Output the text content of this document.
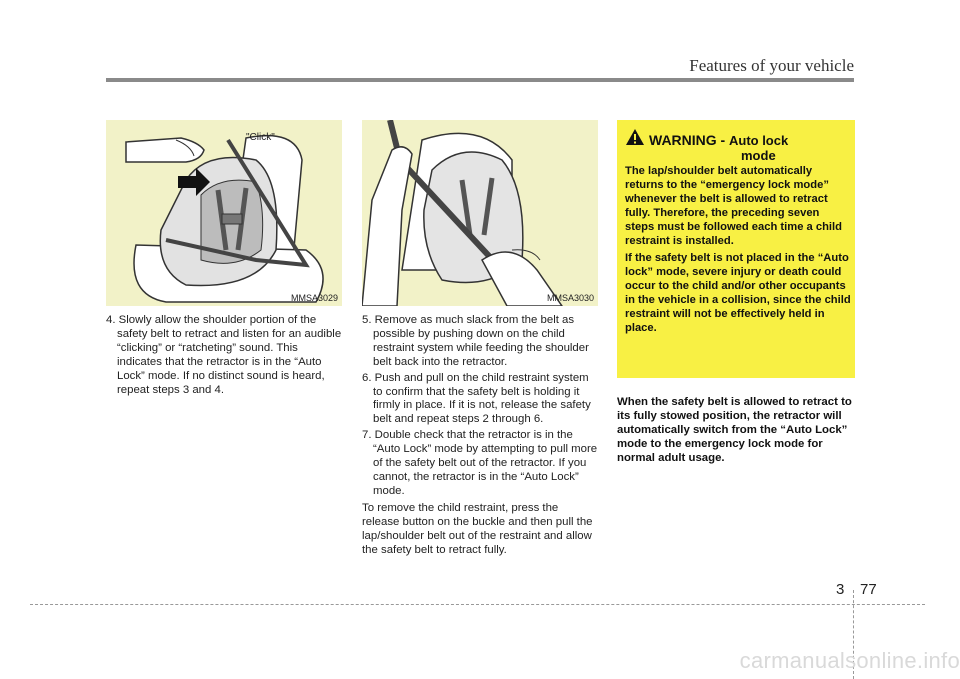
Features of your vehicle
"Click"
MMSA3029	MMSA3030

4. Slowly allow the shoulder portion of the safety belt to retract and listen for an audible “clicking” or “ratcheting” sound. This indicates that the retractor is in the “Auto Lock” mode. If no distinct sound is heard, repeat steps 3 and 4.

5. Remove as much slack from the belt as possible by pushing down on the child restraint system while feeding the shoulder belt back into the retractor.

6. Push and pull on the child restraint system to confirm that the safety belt is holding it firmly in place. If it is not, release the safety belt and repeat steps 2 through 6.

7. Double check that the retractor is in the “Auto Lock” mode by attempting to pull more of the safety belt out of the retractor. If you cannot, the retractor is in the “Auto Lock” mode.

To remove the child restraint, press the release button on the buckle and then pull the lap/shoulder belt out of the restraint and allow the safety belt to retract fully.

WARNING - Auto lock
mode

The lap/shoulder belt automatically returns to the “emergency lock mode” whenever the belt is allowed to retract fully. Therefore, the preceding seven steps must be followed each time a child restraint is installed.

If the safety belt is not placed in the “Auto lock” mode, severe injury or death could occur to the child and/or other occupants in the vehicle in a collision, since the child restraint will not be effectively held in place.

When the safety belt is allowed to retract to its fully stowed position, the retractor will automatically switch from the “Auto Lock” mode to the emergency lock mode for normal adult usage.
3 77
carmanualsonline.info
